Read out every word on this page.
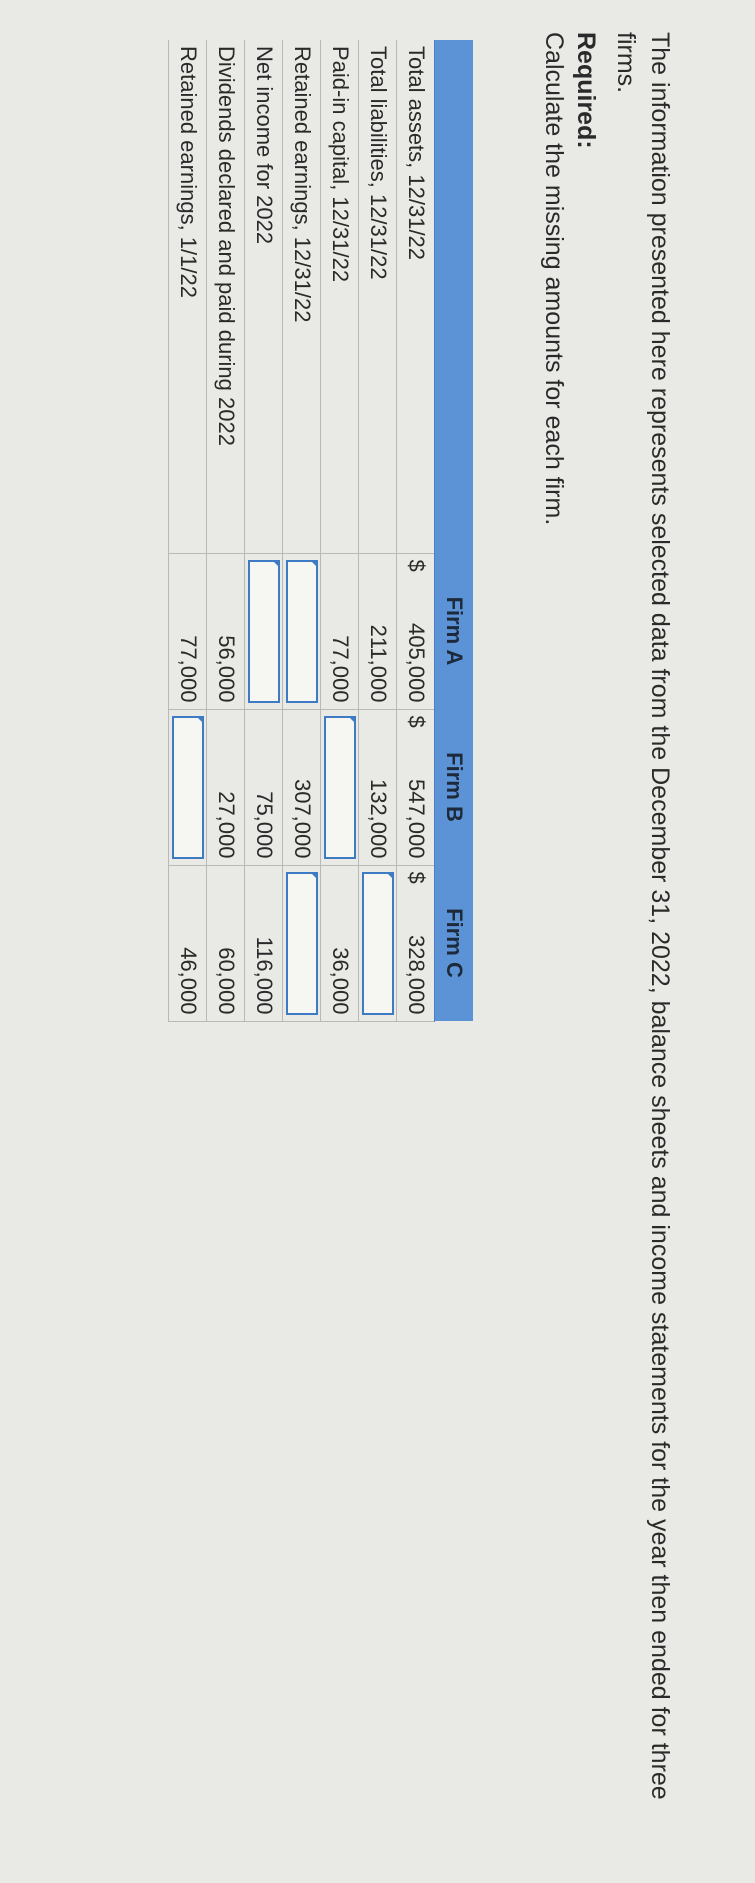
The information presented here represents selected data from the December 31, 2022, balance sheets and income statements for the year then ended for three firms.

Required:

Calculate the missing amounts for each firm.

	Firm A		Firm B		Firm C	
Total assets, 12/31/22	$	405,000	$	547,000	$	328,000
Total liabilities, 12/31/22		211,000		132,000		

Paid-in capital, 12/31/22		77,000				36,000
Retained earnings, 12/31/22				307,000		

Net income for 2022				75,000		116,000
Dividends declared and paid during 2022		56,000		27,000		60,000
Retained earnings, 1/1/22		77,000				46,000
